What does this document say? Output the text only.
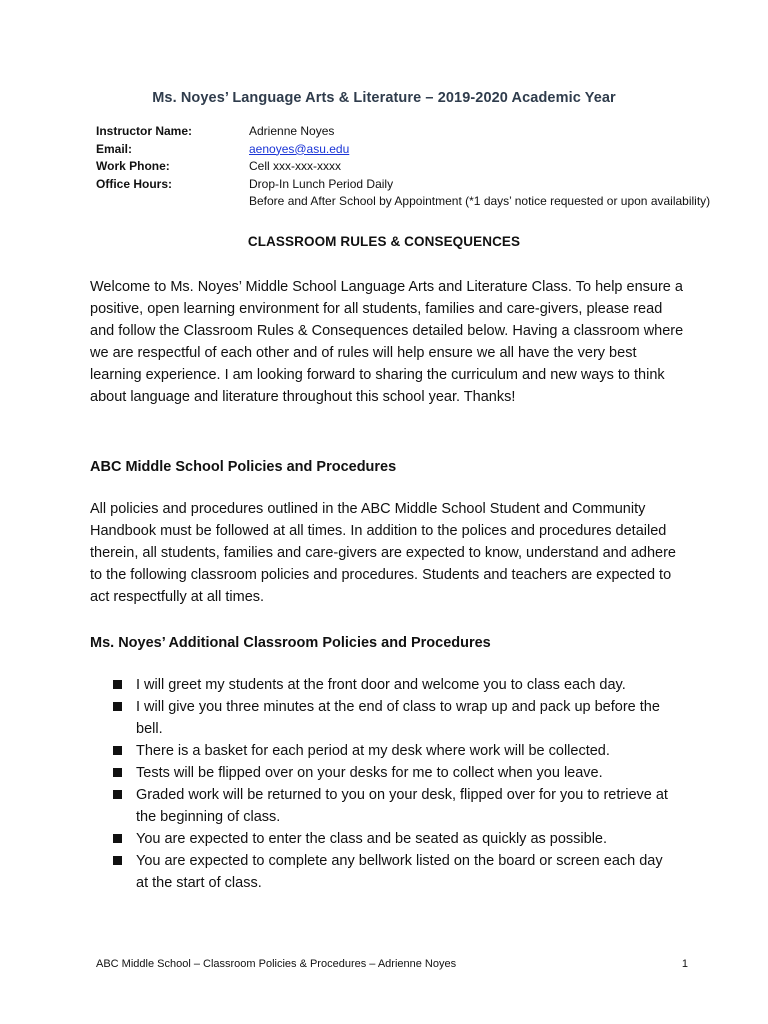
Ms. Noyes’ Language Arts & Literature – 2019-2020 Academic Year
Instructor Name:	Adrienne Noyes
Email:	aenoyes@asu.edu
Work Phone:	Cell xxx-xxx-xxxx
Office Hours:	Drop-In Lunch Period Daily
Before and After School by Appointment (*1 days’ notice requested or upon availability)
CLASSROOM RULES & CONSEQUENCES
Welcome to Ms. Noyes’ Middle School Language Arts and Literature Class. To help ensure a positive, open learning environment for all students, families and care-givers, please read and follow the Classroom Rules & Consequences detailed below. Having a classroom where we are respectful of each other and of rules will help ensure we all have the very best learning experience. I am looking forward to sharing the curriculum and new ways to think about language and literature throughout this school year. Thanks!
ABC Middle School Policies and Procedures
All policies and procedures outlined in the ABC Middle School Student and Community Handbook must be followed at all times. In addition to the polices and procedures detailed therein, all students, families and care-givers are expected to know, understand and adhere to the following classroom policies and procedures. Students and teachers are expected to act respectfully at all times.
Ms. Noyes’ Additional Classroom Policies and Procedures
I will greet my students at the front door and welcome you to class each day.
I will give you three minutes at the end of class to wrap up and pack up before the bell.
There is a basket for each period at my desk where work will be collected.
Tests will be flipped over on your desks for me to collect when you leave.
Graded work will be returned to you on your desk, flipped over for you to retrieve at the beginning of class.
You are expected to enter the class and be seated as quickly as possible.
You are expected to complete any bellwork listed on the board or screen each day at the start of class.
ABC Middle School – Classroom Policies & Procedures – Adrienne Noyes	1
